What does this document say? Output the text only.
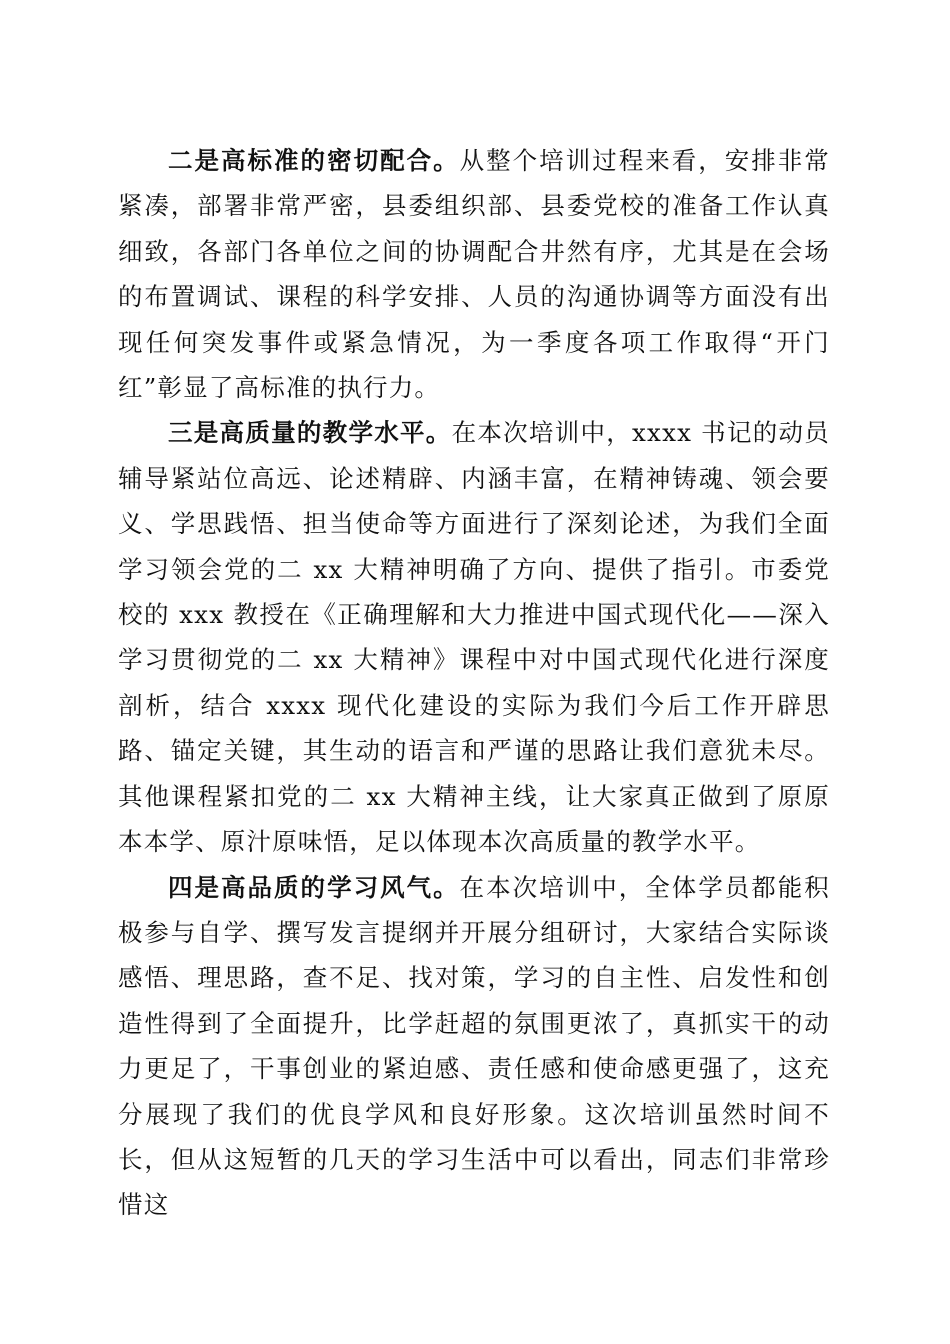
二是高标准的密切配合。从整个培训过程来看，安排非常紧凑，部署非常严密，县委组织部、县委党校的准备工作认真细致，各部门各单位之间的协调配合井然有序，尤其是在会场的布置调试、课程的科学安排、人员的沟通协调等方面没有出现任何突发事件或紧急情况，为一季度各项工作取得“开门红”彰显了高标准的执行力。

三是高质量的教学水平。在本次培训中，xxxx 书记的动员辅导紧站位高远、论述精辟、内涵丰富，在精神铸魂、领会要义、学思践悟、担当使命等方面进行了深刻论述，为我们全面学习领会党的二 xx 大精神明确了方向、提供了指引。市委党校的 xxx 教授在《正确理解和大力推进中国式现代化——深入学习贯彻党的二 xx 大精神》课程中对中国式现代化进行深度剖析，结合 xxxx 现代化建设的实际为我们今后工作开辟思路、锚定关键，其生动的语言和严谨的思路让我们意犹未尽。其他课程紧扣党的二 xx 大精神主线，让大家真正做到了原原本本学、原汁原味悟，足以体现本次高质量的教学水平。

四是高品质的学习风气。在本次培训中，全体学员都能积极参与自学、撰写发言提纲并开展分组研讨，大家结合实际谈感悟、理思路，查不足、找对策，学习的自主性、启发性和创造性得到了全面提升，比学赶超的氛围更浓了，真抓实干的动力更足了，干事创业的紧迫感、责任感和使命感更强了，这充分展现了我们的优良学风和良好形象。这次培训虽然时间不长，但从这短暂的几天的学习生活中可以看出，同志们非常珍惜这
